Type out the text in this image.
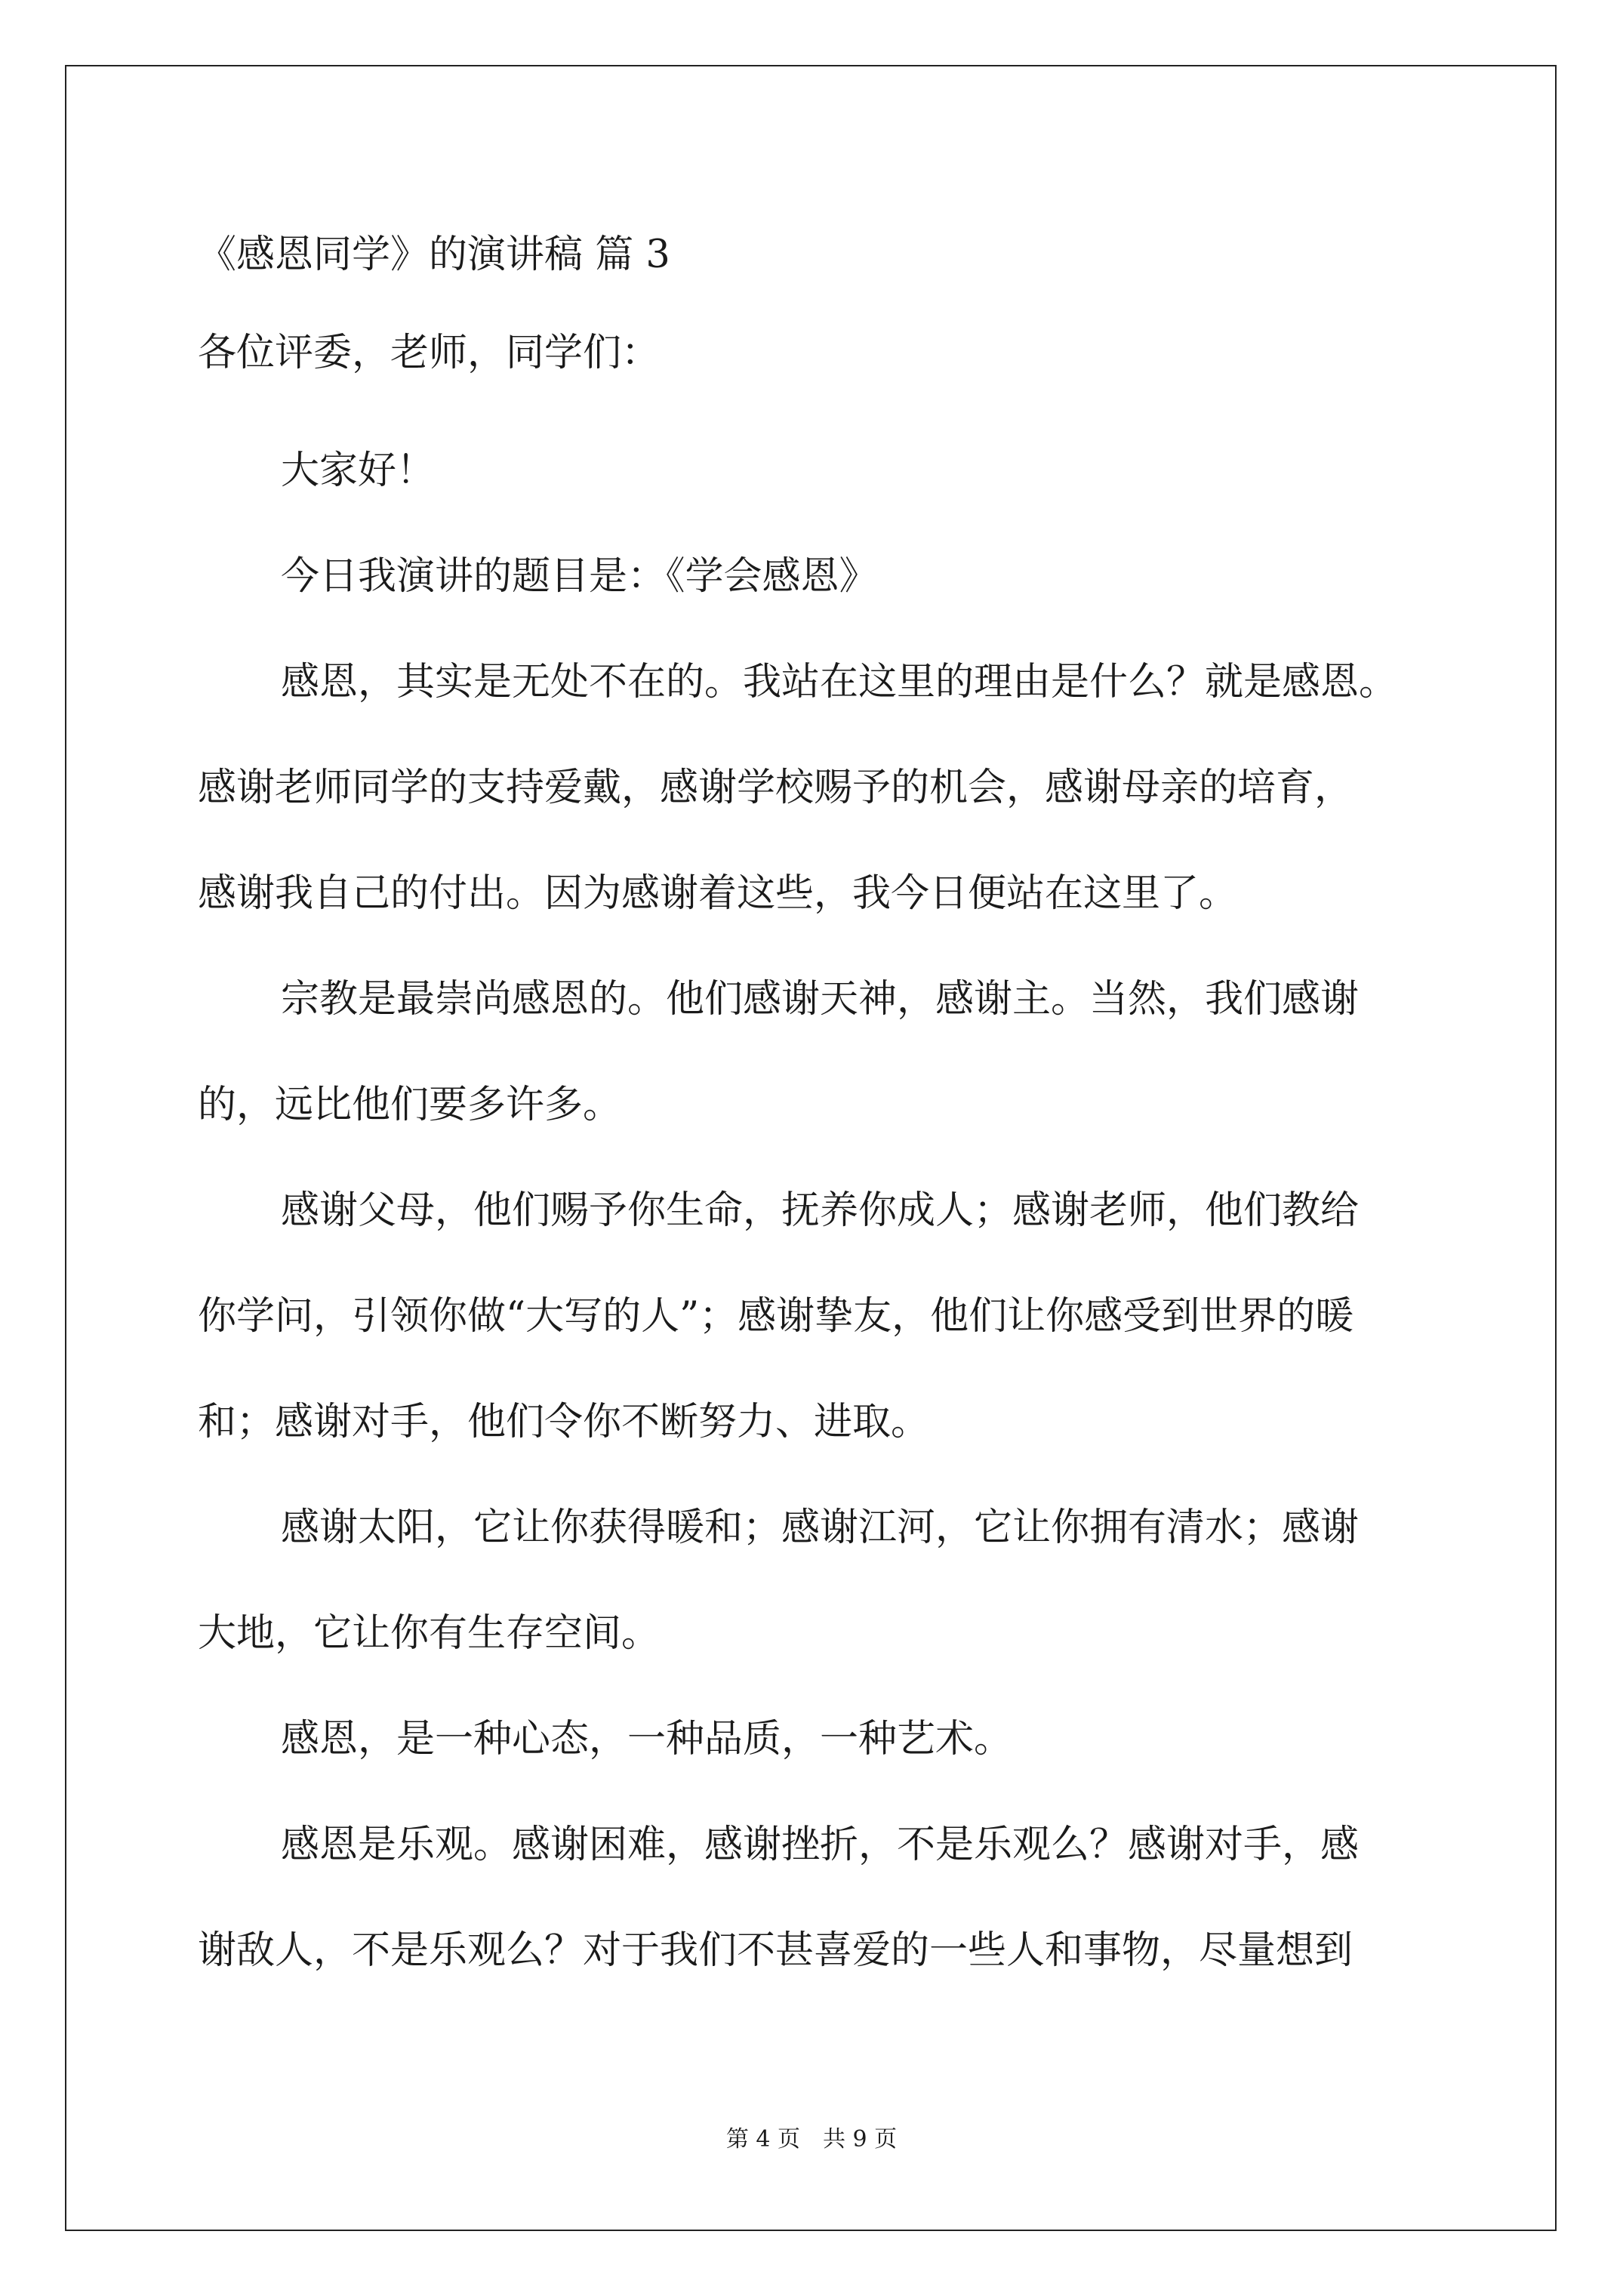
《感恩同学》的演讲稿 篇 3
各位评委，老师，同学们：
大家好！
今日我演讲的题目是：《学会感恩》
感恩，其实是无处不在的。我站在这里的理由是什么？就是感恩。
感谢老师同学的支持爱戴，感谢学校赐予的机会，感谢母亲的培育，
感谢我自己的付出。因为感谢着这些，我今日便站在这里了。
宗教是最崇尚感恩的。他们感谢天神，感谢主。当然，我们感谢
的，远比他们要多许多。
感谢父母，他们赐予你生命，抚养你成人；感谢老师，他们教给
你学问，引领你做“大写的人”；感谢挚友，他们让你感受到世界的暖
和；感谢对手，他们令你不断努力、进取。
感谢太阳，它让你获得暖和；感谢江河，它让你拥有清水；感谢
大地，它让你有生存空间。
感恩，是一种心态，一种品质，一种艺术。
感恩是乐观。感谢困难，感谢挫折，不是乐观么？感谢对手，感
谢敌人，不是乐观么？对于我们不甚喜爱的一些人和事物，尽量想到
第 4 页　共 9 页
